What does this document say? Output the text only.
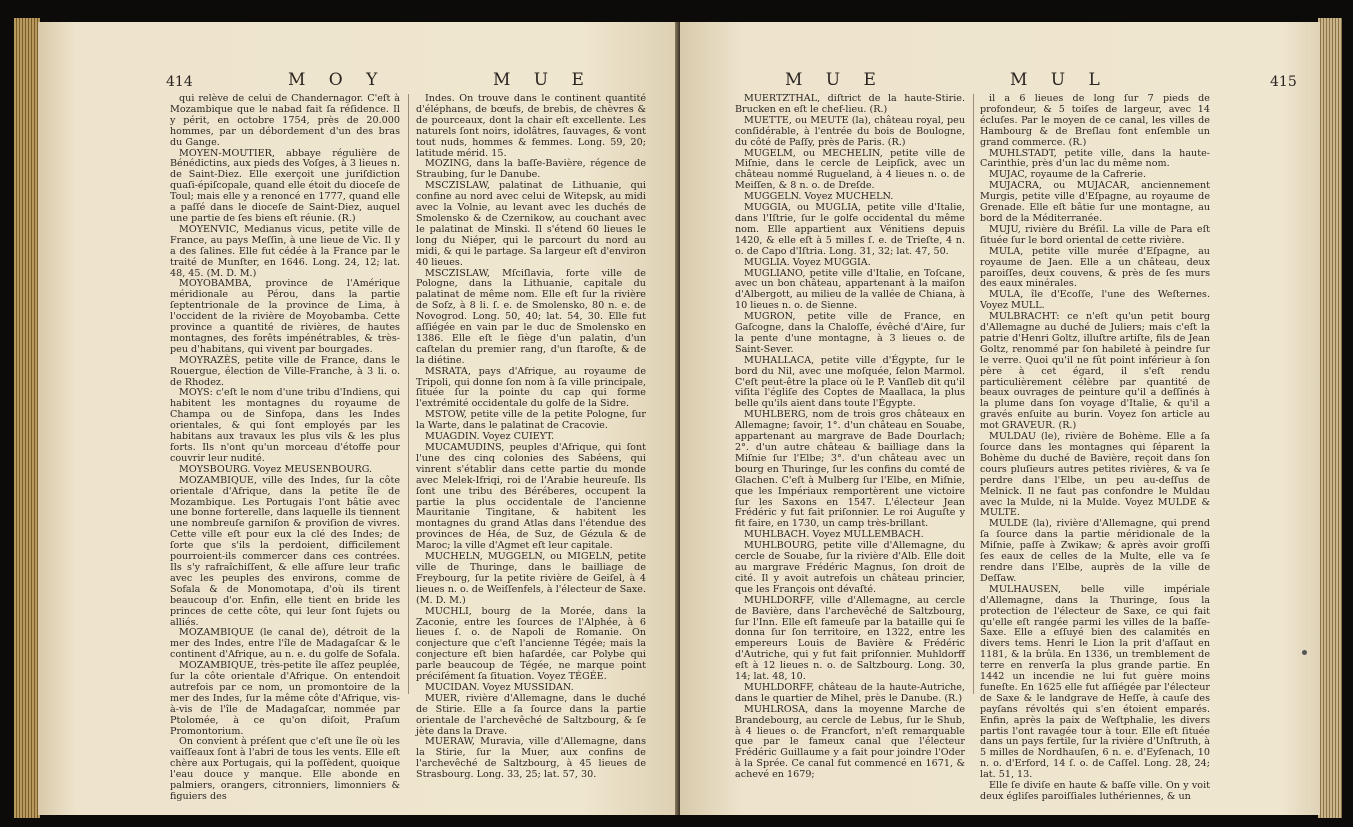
414	M O Y	M U E

qui relève de celui de Chandernagor. C'eſt à Mozambique que le nabad fait ſa réſidence. Il y périt, en octobre 1754, près de 20.000 hommes, par un débordement d'un des bras du Gange.

MOYEN-MOUTIER, abbaye régulière de Bénédictins, aux pieds des Voſges, à 3 lieues n. de Saint-Diez. Elle exerçoit une juriſdiction quaſi-épiſcopale, quand elle étoit du dioceſe de Toul; mais elle y a renoncé en 1777, quand elle a paſſé dans le dioceſe de Saint-Diez, auquel une partie de ſes biens eſt réunie. (R.)

MOYENVIC, Medianus vicus, petite ville de France, au pays Meſſin, à une lieue de Vic. Il y a des ſalines. Elle fut cédée à la France par le traité de Munſter, en 1646. Long. 24, 12; lat. 48, 45. (M. D. M.)

MOYOBAMBA, province de l'Amérique méridionale au Pérou, dans la partie ſeptentrionale de la province de Lima, à l'occident de la rivière de Moyobamba. Cette province a quantité de rivières, de hautes montagnes, des forêts impénétrables, & très-peu d'habitans, qui vivent par bourgades.

MOYRAZÈS, petite ville de France, dans le Rouergue, élection de Ville-Franche, à 3 li. o. de Rhodez.

MOYS: c'eſt le nom d'une tribu d'Indiens, qui habitent les montagnes du royaume de Champa ou de Sinfopa, dans les Indes orientales, & qui ſont employés par les habitans aux travaux les plus vils & les plus forts. Ils n'ont qu'un morceau d'étoffe pour couvrir leur nudité.

MOYSBOURG. Voyez MEUSENBOURG.

MOZAMBIQUE, ville des Indes, ſur la côte orientale d'Afrique, dans la petite île de Mozambique. Les Portugais l'ont bâtie avec une bonne forterelle, dans laquelle ils tiennent une nombreuſe garniſon & proviſion de vivres. Cette ville eſt pour eux la clé des Indes; de ſorte que s'ils la perdoient, difficilement pourroient-ils commercer dans ces contrées. Ils s'y rafraîchiſſent, & elle aſſure leur trafic avec les peuples des environs, comme de Sofala & de Monomotapa, d'où ils tirent beaucoup d'or. Enfin, elle tient en bride les princes de cette côte, qui leur ſont ſujets ou alliés.

MOZAMBIQUE (le canal de), détroit de la mer des Indes, entre l'île de Madagaſcar & le continent d'Afrique, au n. e. du golfe de Sofala.

MOZAMBIQUE, très-petite île aſſez peuplée, ſur la côte orientale d'Afrique. On entendoit autrefois par ce nom, un promontoire de la mer des Indes, ſur la même côte d'Afrique, vis-à-vis de l'île de Madagaſcar, nommée par Ptolomée, à ce qu'on diſoit, Praſum Promontorium.

On convient à préſent que c'eſt une île où les vaiſſeaux ſont à l'abri de tous les vents. Elle eſt chère aux Portugais, qui la poſſèdent, quoique l'eau douce y manque. Elle abonde en palmiers, orangers, citronniers, limonniers & figuiers des

Indes. On trouve dans le continent quantité d'éléphans, de bœufs, de brebis, de chèvres & de pourceaux, dont la chair eſt excellente. Les naturels ſont noirs, idolâtres, ſauvages, & vont tout nuds, hommes & femmes. Long. 59, 20; latitude mérid. 15.

MOZING, dans la baſſe-Bavière, régence de Straubing, ſur le Danube.

MSCZISLAW, palatinat de Lithuanie, qui confine au nord avec celui de Witepsk, au midi avec la Volnie, au levant avec les duchés de Smolensko & de Czernikow, au couchant avec le palatinat de Minski. Il s'étend 60 lieues le long du Niéper, qui le parcourt du nord au midi, & qui le partage. Sa largeur eſt d'environ 40 lieues.

MSCZISLAW, Mſciſlavia, forte ville de Pologne, dans la Lithuanie, capitale du palatinat de même nom. Elle eſt ſur la rivière de Soſz, à 8 li. ſ. e. de Smolensko, 80 n. e. de Novogrod. Long. 50, 40; lat. 54, 30. Elle fut aſſiégée en vain par le duc de Smolensko en 1386. Elle eſt le ſiège d'un palatin, d'un caſtelan du premier rang, d'un ſtaroſte, & de la diétine.

MSRATA, pays d'Afrique, au royaume de Tripoli, qui donne ſon nom à ſa ville principale, ſituée ſur la pointe du cap qui forme l'extrémité occidentale du golfe de la Sidre.

MSTOW, petite ville de la petite Pologne, ſur la Warte, dans le palatinat de Cracovie.

MUAGDIN. Voyez CUIEYT.

MUCAMUDINS, peuples d'Afrique, qui ſont l'une des cinq colonies des Sabéens, qui vinrent s'établir dans cette partie du monde avec Melek-Ifriqi, roi de l'Arabie heureuſe. Ils ſont une tribu des Béréberes, occupent la partie la plus occidentale de l'ancienne Mauritanie Tingitane, & habitent les montagnes du grand Atlas dans l'étendue des provinces de Héa, de Suz, de Gézula & de Maroc; la ville d'Agmet eſt leur capitale.

MUCHELN, MUGGELN, ou MIGELN, petite ville de Thuringe, dans le bailliage de Freybourg, ſur la petite rivière de Geiſel, à 4 lieues n. o. de Weiſſenfels, à l'électeur de Saxe. (M. D. M.)

MUCHLI, bourg de la Morée, dans la Zaconie, entre les ſources de l'Alphée, à 6 lieues ſ. o. de Napoli de Romanie. On conjecture que c'eſt l'ancienne Tégée; mais la conjecture eſt bien haſardée, car Polybe qui parle beaucoup de Tégée, ne marque point préciſément ſa ſituation. Voyez TÉGÉE.

MUCIDAN. Voyez MUSSIDAN.

MUER, rivière d'Allemagne, dans le duché de Stirie. Elle a ſa ſource dans la partie orientale de l'archevêché de Saltzbourg, & ſe jète dans la Drave.

MUERAW, Muravia, ville d'Allemagne, dans la Stirie, ſur la Muer, aux confins de l'archevêché de Saltzbourg, à 45 lieues de Strasbourg. Long. 33, 25; lat. 57, 30.

M U E	M U L	415

MUERTZTHAL, diſtrict de la haute-Stirie. Brucken en eſt le chef-lieu. (R.)

MUETTE, ou MEUTE (la), château royal, peu conſidérable, à l'entrée du bois de Boulogne, du côté de Paſſy, près de Paris. (R.)

MUGELM, ou MECHELIN, petite ville de Miſnie, dans le cercle de Leipſick, avec un château nommé Rugueland, à 4 lieues n. o. de Meiſſen, & 8 n. o. de Dreſde.

MUGGELN. Voyez MUCHELN.

MUGGIA, ou MUGLIA, petite ville d'Italie, dans l'Iſtrie, ſur le golfe occidental du même nom. Elle appartient aux Vénitiens depuis 1420, & elle eſt à 5 milles ſ. e. de Trieſte, 4 n. o. de Capo d'Iſtria. Long. 31, 32; lat. 47, 50.

MUGLIA. Voyez MUGGIA.

MUGLIANO, petite ville d'Italie, en Toſcane, avec un bon château, appartenant à la maiſon d'Albergott, au milieu de la vallée de Chiana, à 10 lieues n. o. de Sienne.

MUGRON, petite ville de France, en Gaſcogne, dans la Chaloſſe, évêché d'Aire, ſur la pente d'une montagne, à 3 lieues o. de Saint-Sever.

MUHALLACA, petite ville d'Égypte, ſur le bord du Nil, avec une moſquée, ſelon Marmol. C'eſt peut-être la place où le P. Vanſleb dit qu'il viſita l'égliſe des Coptes de Maallaca, la plus belle qu'ils aient dans toute l'Égypte.

MUHLBERG, nom de trois gros châteaux en Allemagne; ſavoir, 1°. d'un château en Souabe, appartenant au margrave de Bade Dourlach; 2°. d'un autre château & bailliage dans la Miſnie ſur l'Elbe; 3°. d'un château avec un bourg en Thuringe, ſur les confins du comté de Glachen. C'eſt à Mulberg ſur l'Elbe, en Miſnie, que les Impériaux remportèrent une victoire ſur les Saxons en 1547. L'électeur Jean Frédéric y fut fait priſonnier. Le roi Auguſte y fit faire, en 1730, un camp très-brillant.

MUHLBACH. Voyez MULLEMBACH.

MUHLBOURG, petite ville d'Allemagne, du cercle de Souabe, ſur la rivière d'Alb. Elle doit au margrave Frédéric Magnus, ſon droit de cité. Il y avoit autrefois un château princier, que les François ont dévaſté.

MUHLDORFF, ville d'Allemagne, au cercle de Bavière, dans l'archevêché de Saltzbourg, ſur l'Inn. Elle eſt fameuſe par la bataille qui ſe donna ſur ſon territoire, en 1322, entre les empereurs Louis de Bavière & Frédéric d'Autriche, qui y fut fait priſonnier. Muhldorff eſt à 12 lieues n. o. de Saltzbourg. Long. 30, 14; lat. 48, 10.

MUHLDORFF, château de la haute-Autriche, dans le quartier de Mihel, près le Danube. (R.)

MUHLROSA, dans la moyenne Marche de Brandebourg, au cercle de Lebus, ſur le Shub, à 4 lieues o. de Francfort, n'eſt remarquable que par le fameux canal que l'électeur Frédéric Guillaume y a fait pour joindre l'Oder à la Sprée. Ce canal fut commencé en 1671, & achevé en 1679;

il a 6 lieues de long ſur 7 pieds de profondeur, & 5 toiſes de largeur, avec 14 écluſes. Par le moyen de ce canal, les villes de Hambourg & de Breſlau font enſemble un grand commerce. (R.)

MUHLSTADT, petite ville, dans la haute-Carinthie, près d'un lac du même nom.

MUJAC, royaume de la Cafrerie.

MUJACRA, ou MUJACAR, anciennement Murgis, petite ville d'Eſpagne, au royaume de Grenade. Elle eſt bâtie ſur une montagne, au bord de la Méditerranée.

MUJU, rivière du Bréſil. La ville de Para eſt ſituée ſur le bord oriental de cette rivière.

MULA, petite ville murée d'Eſpagne, au royaume de Jaen. Elle a un château, deux paroiſſes, deux couvens, & près de ſes murs des eaux minérales.

MULA, île d'Ecoſſe, l'une des Weſternes. Voyez MULL.

MULBRACHT: ce n'eſt qu'un petit bourg d'Allemagne au duché de Juliers; mais c'eſt la patrie d'Henri Goltz, illuſtre artiſte, fils de Jean Goltz, renommé par ſon habileté à peindre ſur le verre. Quoi qu'il ne fût point inférieur à ſon père à cet égard, il s'eſt rendu particulièrement célèbre par quantité de beaux ouvrages de peinture qu'il a deſſinés à la plume dans ſon voyage d'Italie, & qu'il a gravés enſuite au burin. Voyez ſon article au mot GRAVEUR. (R.)

MULDAU (le), rivière de Bohème. Elle a ſa ſource dans les montagnes qui ſéparent la Bohème du duché de Bavière, reçoit dans ſon cours pluſieurs autres petites rivières, & va ſe perdre dans l'Elbe, un peu au-deſſus de Melnick. Il ne faut pas confondre le Muldau avec la Mulde, ni la Mulde. Voyez MULDE & MULTE.

MULDE (la), rivière d'Allemagne, qui prend ſa ſource dans la partie méridionale de la Miſnie, paſſe à Zwikaw; & après avoir groſſi ſes eaux de celles de la Multe, elle va ſe rendre dans l'Elbe, auprès de la ville de Deſſaw.

MULHAUSEN, belle ville impériale d'Allemagne, dans la Thuringe, ſous la protection de l'électeur de Saxe, ce qui fait qu'elle eſt rangée parmi les villes de la baſſe-Saxe. Elle a eſſuyé bien des calamités en divers tems. Henri le Lion la prit d'aſſaut en 1181, & la brûla. En 1336, un tremblement de terre en renverſa la plus grande partie. En 1442 un incendie ne lui fut guère moins funeſte. En 1625 elle fut aſſiégée par l'électeur de Saxe & le landgrave de Heſſe, à cauſe des payſans révoltés qui s'en étoient emparés. Enfin, après la paix de Weſtphalie, les divers partis l'ont ravagée tour à tour. Elle eſt ſituée dans un pays fertile, ſur la rivière d'Unſtruth, à 5 milles de Nordhauſen, 6 n. e. d'Eyſenach, 10 n. o. d'Erford, 14 ſ. o. de Caſſel. Long. 28, 24; lat. 51, 13.

Elle ſe diviſe en haute & baſſe ville. On y voit deux égliſes paroiſſiales luthériennes, & un
